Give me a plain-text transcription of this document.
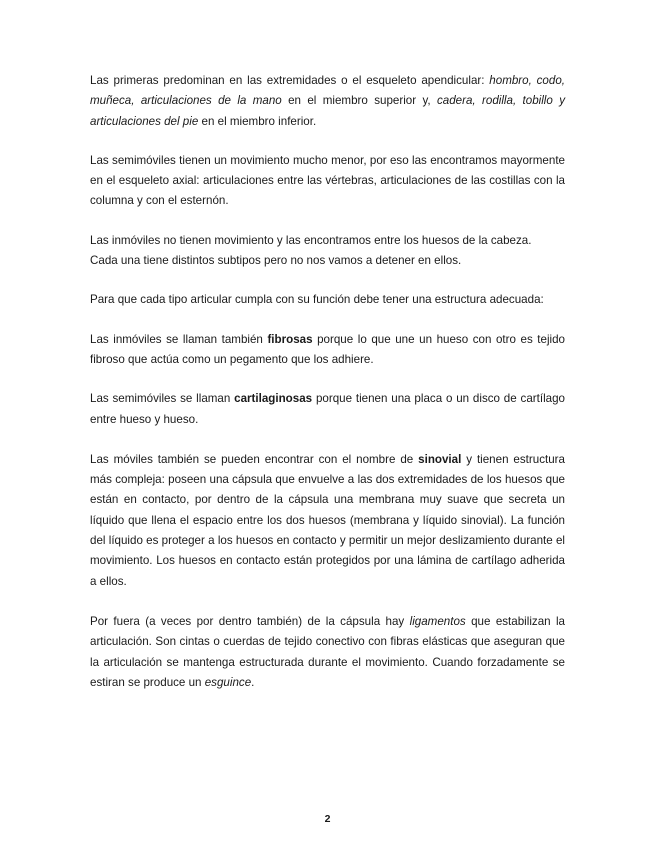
Las primeras predominan en las extremidades o el esqueleto apendicular: hombro, codo, muñeca, articulaciones de la mano en el miembro superior y, cadera, rodilla, tobillo y articulaciones del pie en el miembro inferior.

Las semimóviles tienen un movimiento mucho menor, por eso las encontramos mayormente en el esqueleto axial: articulaciones entre las vértebras, articulaciones de las costillas con la columna y con el esternón.

Las inmóviles no tienen movimiento y las encontramos entre los huesos de la cabeza.
Cada una tiene distintos subtipos pero no nos vamos a detener en ellos.

Para que cada tipo articular cumpla con su función debe tener una estructura adecuada:

Las inmóviles se llaman también fibrosas porque lo que une un hueso con otro es tejido fibroso que actúa como un pegamento que los adhiere.

Las semimóviles se llaman cartilaginosas porque tienen una placa o un disco de cartílago entre hueso y hueso.

Las móviles también se pueden encontrar con el nombre de sinovial y tienen estructura más compleja: poseen una cápsula que envuelve a las dos extremidades de los huesos que están en contacto, por dentro de la cápsula una membrana muy suave que secreta un líquido que llena el espacio entre los dos huesos (membrana y líquido sinovial). La función del líquido es proteger a los huesos en contacto y permitir un mejor deslizamiento durante el movimiento. Los huesos en contacto están protegidos por una lámina de cartílago adherida a ellos.

Por fuera (a veces por dentro también) de la cápsula hay ligamentos que estabilizan la articulación. Son cintas o cuerdas de tejido conectivo con fibras elásticas que aseguran que la articulación se mantenga estructurada durante el movimiento. Cuando forzadamente se estiran se produce un esguince.

2
